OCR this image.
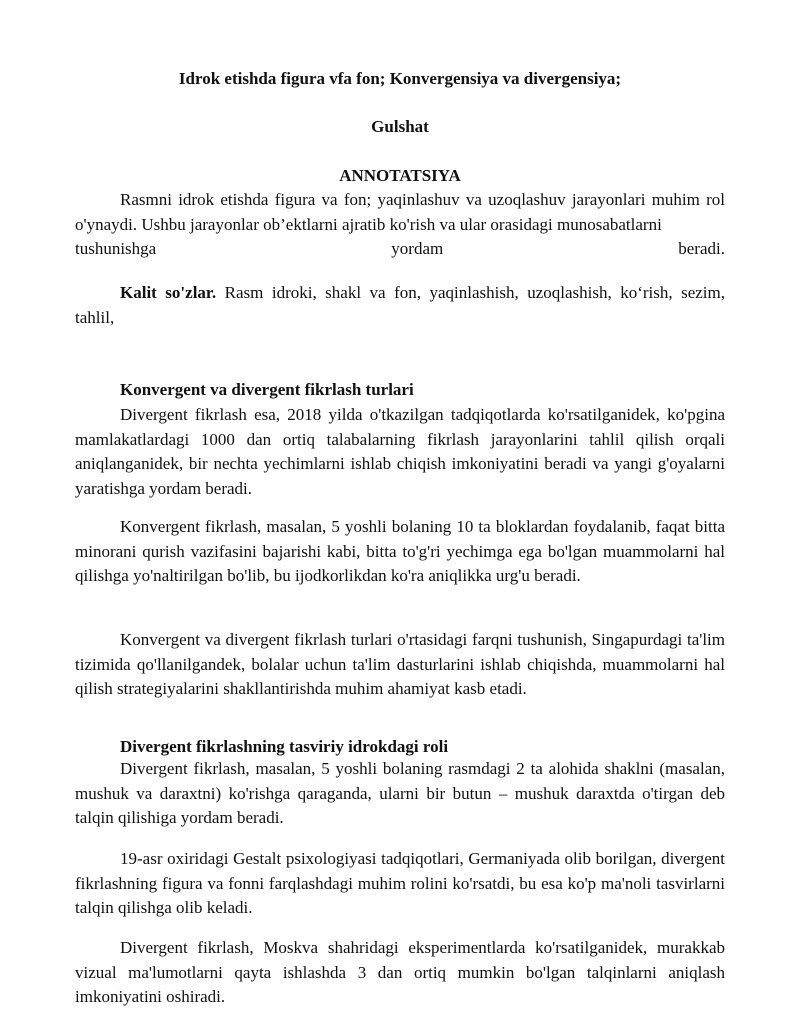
Idrok etishda figura vfa fon; Konvergensiya va divergensiya;

Gulshat

ANNOTATSIYA

Rasmni idrok etishda figura va fon; yaqinlashuv va uzoqlashuv jarayonlari muhim rol o'ynaydi. Ushbu jarayonlar ob’ektlarni ajratib ko'rish va ular orasidagi munosabatlarni

tushunishga	yordam	beradi.

Kalit so'zlar. Rasm idroki, shakl va fon, yaqinlashish, uzoqlashish, ko‘rish, sezim, tahlil,

Konvergent va divergent fikrlash turlari

Divergent fikrlash esa, 2018 yilda o'tkazilgan tadqiqotlarda ko'rsatilganidek, ko'pgina mamlakatlardagi 1000 dan ortiq talabalarning fikrlash jarayonlarini tahlil qilish orqali aniqlanganidek, bir nechta yechimlarni ishlab chiqish imkoniyatini beradi va yangi g'oyalarni yaratishga yordam beradi.

Konvergent fikrlash, masalan, 5 yoshli bolaning 10 ta bloklardan foydalanib, faqat bitta minorani qurish vazifasini bajarishi kabi, bitta to'g'ri yechimga ega bo'lgan muammolarni hal qilishga yo'naltirilgan bo'lib, bu ijodkorlikdan ko'ra aniqlikka urg'u beradi.

Konvergent va divergent fikrlash turlari o'rtasidagi farqni tushunish, Singapurdagi ta'lim tizimida qo'llanilgandek, bolalar uchun ta'lim dasturlarini ishlab chiqishda, muammolarni hal qilish strategiyalarini shakllantirishda muhim ahamiyat kasb etadi.

Divergent fikrlashning tasviriy idrokdagi roli

Divergent fikrlash, masalan, 5 yoshli bolaning rasmdagi 2 ta alohida shaklni (masalan, mushuk va daraxtni) ko'rishga qaraganda, ularni bir butun – mushuk daraxtda o'tirgan deb talqin qilishiga yordam beradi.

19-asr oxiridagi Gestalt psixologiyasi tadqiqotlari, Germaniyada olib borilgan, divergent fikrlashning figura va fonni farqlashdagi muhim rolini ko'rsatdi, bu esa ko'p ma'noli tasvirlarni talqin qilishga olib keladi.

Divergent fikrlash, Moskva shahridagi eksperimentlarda ko'rsatilganidek, murakkab vizual ma'lumotlarni qayta ishlashda 3 dan ortiq mumkin bo'lgan talqinlarni aniqlash imkoniyatini oshiradi.
